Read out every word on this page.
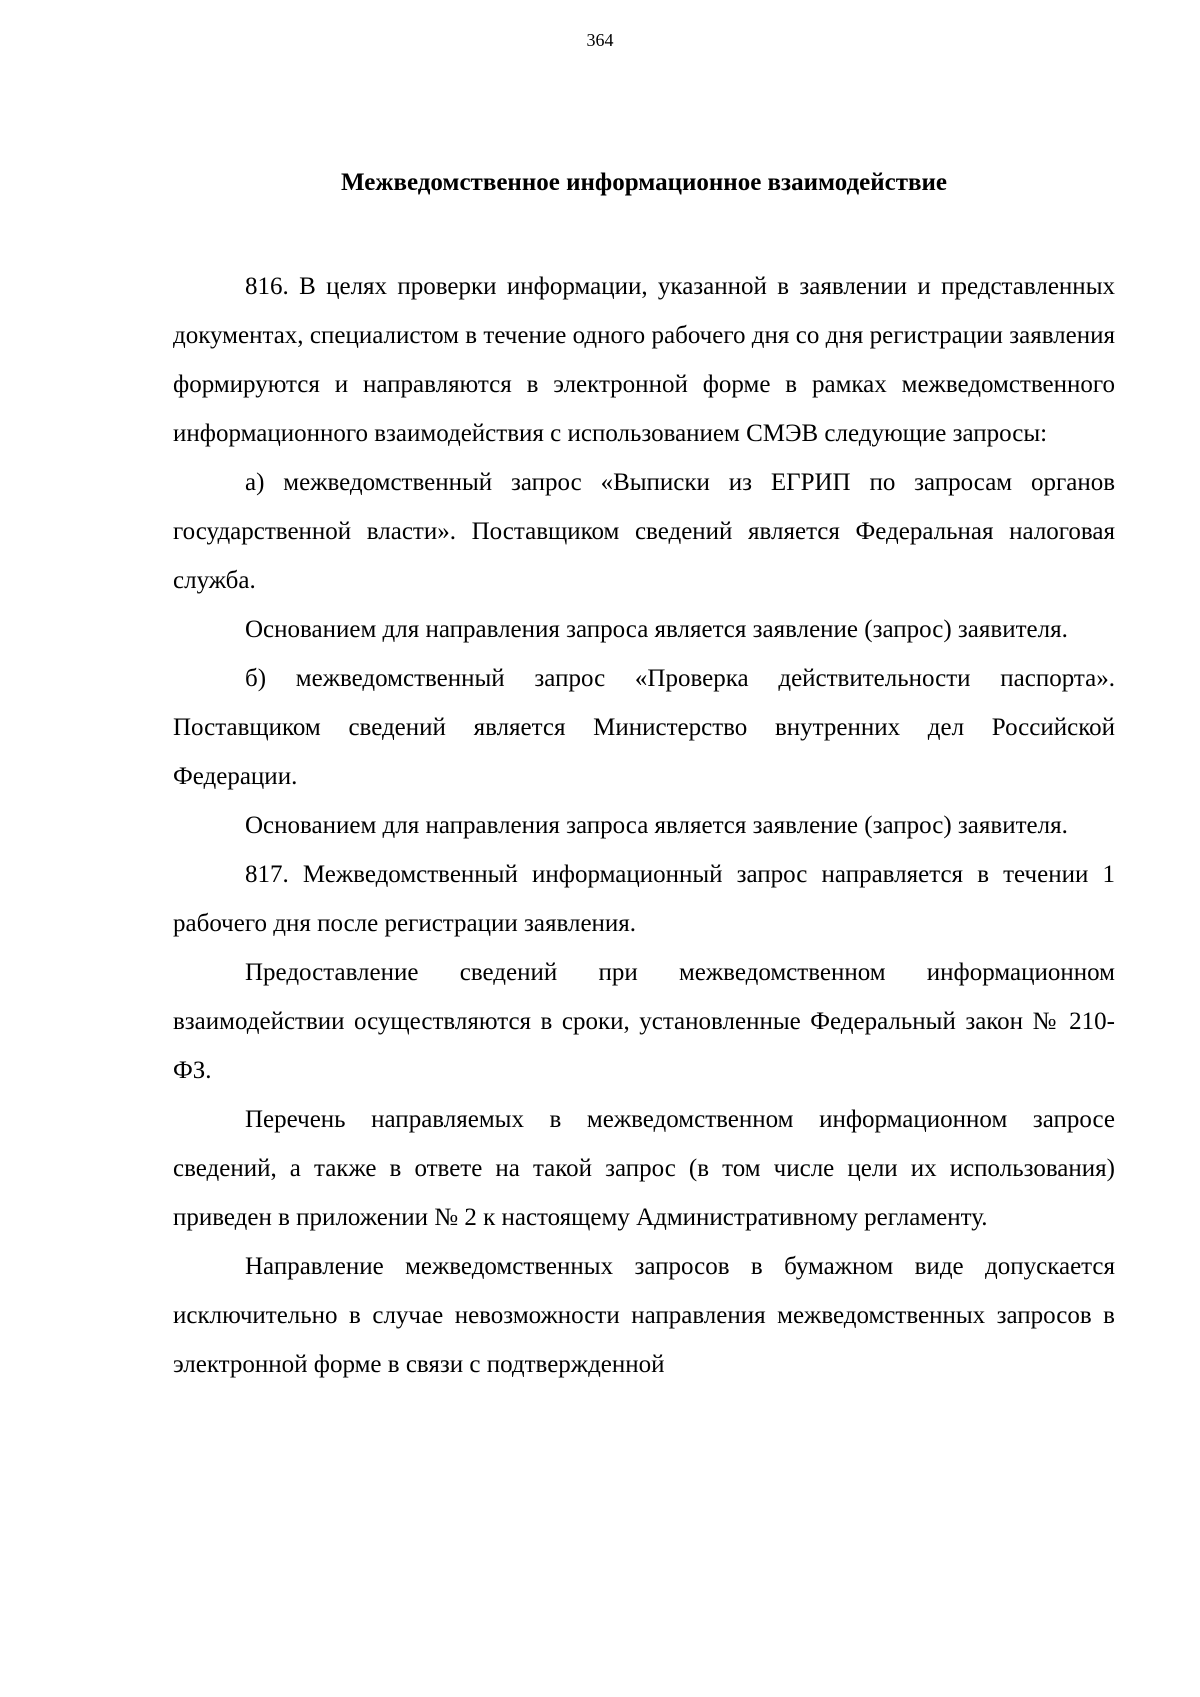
364
Межведомственное информационное взаимодействие

816. В целях проверки информации, указанной в заявлении и представленных документах, специалистом в течение одного рабочего дня со дня регистрации заявления формируются и направляются в электронной форме в рамках межведомственного информационного взаимодействия с использованием СМЭВ следующие запросы:

а) межведомственный запрос «Выписки из ЕГРИП по запросам органов государственной власти». Поставщиком сведений является Федеральная налоговая служба.

Основанием для направления запроса является заявление (запрос) заявителя.

б) межведомственный запрос «Проверка действительности паспорта». Поставщиком сведений является Министерство внутренних дел Российской Федерации.

Основанием для направления запроса является заявление (запрос) заявителя.

817. Межведомственный информационный запрос направляется в течении 1 рабочего дня после регистрации заявления.

Предоставление сведений при межведомственном информационном взаимодействии осуществляются в сроки, установленные Федеральный закон № 210-ФЗ.

Перечень направляемых в межведомственном информационном запросе сведений, а также в ответе на такой запрос (в том числе цели их использования) приведен в приложении № 2 к настоящему Административному регламенту.

Направление межведомственных запросов в бумажном виде допускается исключительно в случае невозможности направления межведомственных запросов в электронной форме в связи с подтвержденной
